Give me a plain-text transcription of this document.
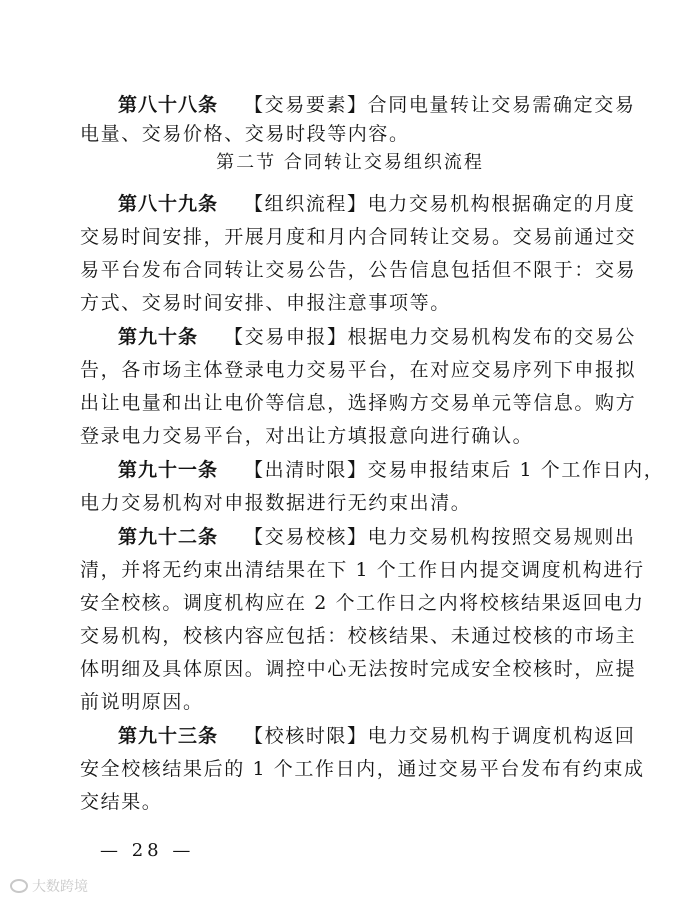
第八十八条 【交易要素】合同电量转让交易需确定交易
电量、交易价格、交易时段等内容。
第二节 合同转让交易组织流程
第八十九条 【组织流程】电力交易机构根据确定的月度
交易时间安排，开展月度和月内合同转让交易。交易前通过交
易平台发布合同转让交易公告，公告信息包括但不限于：交易
方式、交易时间安排、申报注意事项等。
第九十条 【交易申报】根据电力交易机构发布的交易公
告，各市场主体登录电力交易平台，在对应交易序列下申报拟
出让电量和出让电价等信息，选择购方交易单元等信息。购方
登录电力交易平台，对出让方填报意向进行确认。
第九十一条 【出清时限】交易申报结束后 1 个工作日内，
电力交易机构对申报数据进行无约束出清。
第九十二条 【交易校核】电力交易机构按照交易规则出
清，并将无约束出清结果在下 1 个工作日内提交调度机构进行
安全校核。调度机构应在 2 个工作日之内将校核结果返回电力
交易机构，校核内容应包括：校核结果、未通过校核的市场主
体明细及具体原因。调控中心无法按时完成安全校核时，应提
前说明原因。
第九十三条 【校核时限】电力交易机构于调度机构返回
安全校核结果后的 1 个工作日内，通过交易平台发布有约束成
交结果。
— 28 —
大数跨境
